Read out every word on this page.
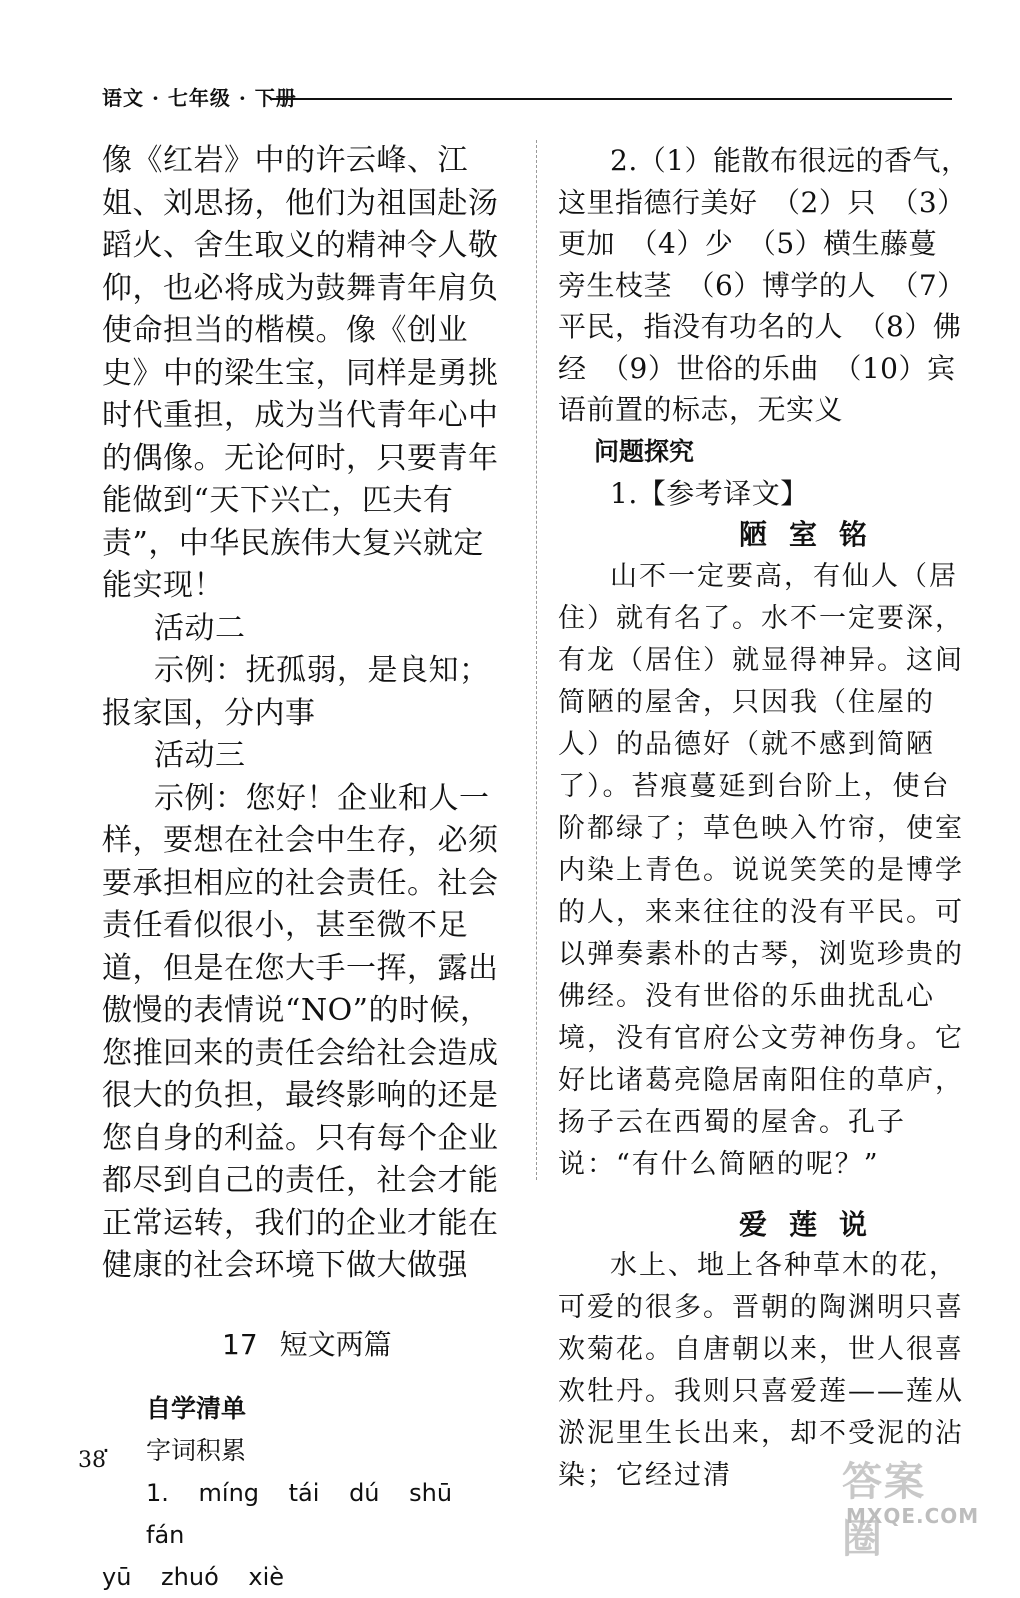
语文 · 七年级 · 下册

像《红岩》中的许云峰、江姐、刘思扬，他们为祖国赴汤蹈火、舍生取义的精神令人敬仰，也必将成为鼓舞青年肩负使命担当的楷模。像《创业史》中的梁生宝，同样是勇挑时代重担，成为当代青年心中的偶像。无论何时，只要青年能做到“天下兴亡，匹夫有责”，中华民族伟大复兴就定能实现！

活动二

示例：抚孤弱，是良知；报家国，分内事

活动三

示例：您好！企业和人一样，要想在社会中生存，必须要承担相应的社会责任。社会责任看似很小，甚至微不足道，但是在您大手一挥，露出傲慢的表情说“NO”的时候，您推回来的责任会给社会造成很大的负担，最终影响的还是您自身的利益。只有每个企业都尽到自己的责任，社会才能正常运转，我们的企业才能在健康的社会环境下做大做强

17 短文两篇

自学清单

· 字词积累

1. míng tái dú shū fán

yū zhuó xiè

2.（1）能散布很远的香气，这里指德行美好　（2）只　（3）更加　（4）少　（5）横生藤蔓　旁生枝茎　（6）博学的人　（7）平民，指没有功名的人　（8）佛经　（9）世俗的乐曲　（10）宾语前置的标志，无实义

问题探究

1.【参考译文】

陋室铭

山不一定要高，有仙人（居住）就有名了。水不一定要深，有龙（居住）就显得神异。这间简陋的屋舍，只因我（住屋的人）的品德好（就不感到简陋了）。苔痕蔓延到台阶上，使台阶都绿了；草色映入竹帘，使室内染上青色。说说笑笑的是博学的人，来来往往的没有平民。可以弹奏素朴的古琴，浏览珍贵的佛经。没有世俗的乐曲扰乱心境，没有官府公文劳神伤身。它好比诸葛亮隐居南阳住的草庐，扬子云在西蜀的屋舍。孔子说：“有什么简陋的呢？”

爱莲说

水上、地上各种草木的花，可爱的很多。晋朝的陶渊明只喜欢菊花。自唐朝以来，世人很喜欢牡丹。我则只喜爱莲——莲从淤泥里生长出来，却不受泥的沾染；它经过清

38	答案圈
MXQE.COM
